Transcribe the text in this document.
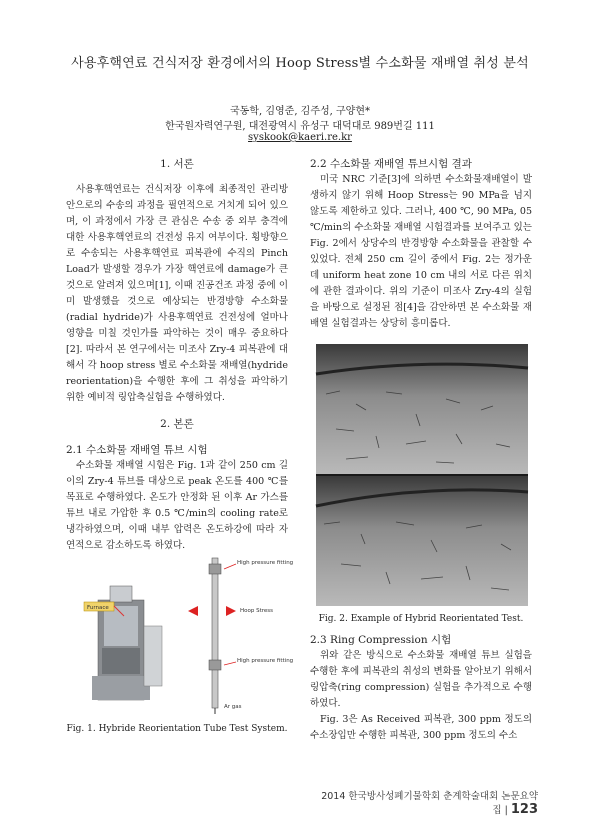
사용후핵연료 건식저장 환경에서의 Hoop Stress별 수소화물 재배열 취성 분석
국동학, 김영준, 김주성, 구양현*
한국원자력연구원, 대전광역시 유성구 대덕대로 989번길 111
syskook@kaeri.re.kr
1. 서론

사용후핵연료는 건식저장 이후에 최종적인 관리방안으로의 수송의 과정을 필연적으로 거치게 되어 있으며, 이 과정에서 가장 큰 관심은 수송 중 외부 충격에 대한 사용후핵연료의 건전성 유지 여부이다. 횡방향으로 수송되는 사용후핵연료 피복관에 수직의 Pinch Load가 발생할 경우가 가장 핵연료에 damage가 큰 것으로 알려져 있으며[1], 이때 진공건조 과정 중에 이미 발생했을 것으로 예상되는 반경방향 수소화물(radial hydride)가 사용후핵연료 건전성에 얼마나 영향을 미칠 것인가를 파악하는 것이 매우 중요하다[2]. 따라서 본 연구에서는 미조사 Zry-4 피복관에 대해서 각 hoop stress 별로 수소화물 재배열(hydride reorientation)을 수행한 후에 그 취성을 파악하기 위한 예비적 링압축실험을 수행하였다.

2. 본론
2.1 수소화물 재배열 튜브 시험

수소화물 재배열 시험은 Fig. 1과 같이 250 cm 길이의 Zry-4 튜브를 대상으로 peak 온도를 400 ℃를 목표로 수행하였다. 온도가 안정화 된 이후 Ar 가스를 튜브 내로 가압한 후 0.5 ℃/min의 cooling rate로 냉각하였으며, 이때 내부 압력은 온도하강에 따라 자연적으로 감소하도록 하였다.

Furnace
High pressure fitting
Hoop Stress
High pressure fitting
Ar gas
Fig. 1. Hybride Reorientation Tube Test System.
2.2 수소화물 재배열 튜브시험 결과

미국 NRC 기준[3]에 의하면 수소화물재배열이 발생하지 않기 위해 Hoop Stress는 90 MPa을 넘지 않도록 제한하고 있다. 그러나, 400 ℃, 90 MPa, 05 ℃/min의 수소화물 재배열 시험결과를 보여주고 있는 Fig. 2에서 상당수의 반경방향 수소화물을 관찰할 수 있었다. 전체 250 cm 길이 중에서 Fig. 2는 정가운데 uniform heat zone 10 cm 내의 서로 다른 위치에 관한 결과이다. 위의 기준이 미조사 Zry-4의 실험을 바탕으로 설정된 점[4]을 감안하면 본 수소화물 재배열 실험결과는 상당히 흥미롭다.

Fig. 2. Example of Hybrid Reorientated Test.
2.3 Ring Compression 시험

위와 같은 방식으로 수소화물 재배열 튜브 실험을 수행한 후에 피복관의 취성의 변화를 알아보기 위해서 링압축(ring compression) 실험을 추가적으로 수행하였다.

Fig. 3은 As Received 피복관, 300 ppm 정도의 수소장입만 수행한 피복관, 300 ppm 정도의 수소

2014 한국방사성폐기물학회 춘계학술대회 논문요약집 | 123
